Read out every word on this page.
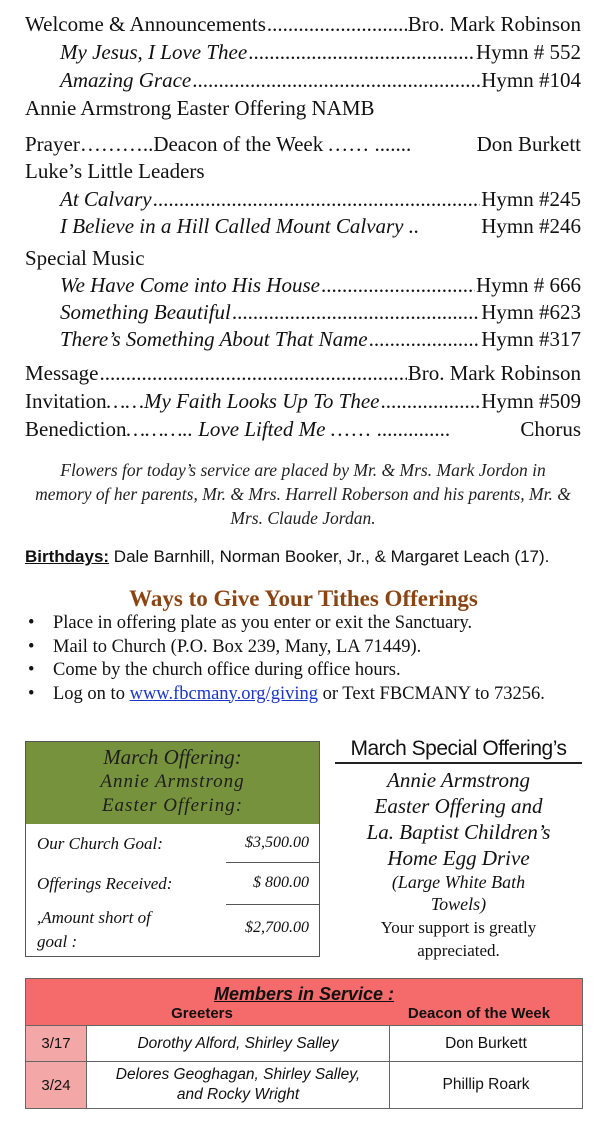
Welcome & Announcements .....	Bro. Mark Robinson
My Jesus, I Love Thee .....	Hymn # 552
Amazing Grace .....	Hymn #104
Annie Armstrong Easter Offering NAMB
Prayer ………..Deacon of the Week …… .......	Don Burkett
Luke’s Little Leaders
At Calvary .....	Hymn #245
I Believe in a Hill Called Mount Calvary ..	Hymn #246
Special Music
We Have Come into His House .....	Hymn # 666
Something Beautiful .....	Hymn #623
There’s Something About That Name .....	Hymn #317
Message .....	Bro. Mark Robinson
Invitation ……My Faith Looks Up To Thee .....	Hymn #509
Benediction ……….. Love Lifted Me …… ..............	Chorus
Flowers for today’s service are placed by Mr. & Mrs. Mark Jordon in memory of her parents, Mr. & Mrs. Harrell Roberson and his parents, Mr. & Mrs. Claude Jordan.
Birthdays: Dale Barnhill, Norman Booker, Jr., & Margaret Leach (17).
Ways to Give Your Tithes Offerings
• Place in offering plate as you enter or exit the Sanctuary.
• Mail to Church (P.O. Box 239, Many, LA 71449).
• Come by the church office during office hours.
• Log on to www.fbcmany.org/giving or Text FBCMANY to 73256.
March Offering:
Annie Armstrong
Easter Offering:
Our Church Goal:	$3,500.00
Offerings Received:	$ 800.00
,Amount short of
goal :
$2,700.00
March Special Offering’s
Annie Armstrong
Easter Offering and
La. Baptist Children’s
Home Egg Drive
(Large White Bath
Towels)
Your support is greatly
appreciated.
Members in Service :
Greeters Deacon of the Week		

3/17	Dorothy Alford, Shirley Salley	Don Burkett
3/24	Delores Geoghagan, Shirley Salley,
and Rocky Wright	Phillip Roark
